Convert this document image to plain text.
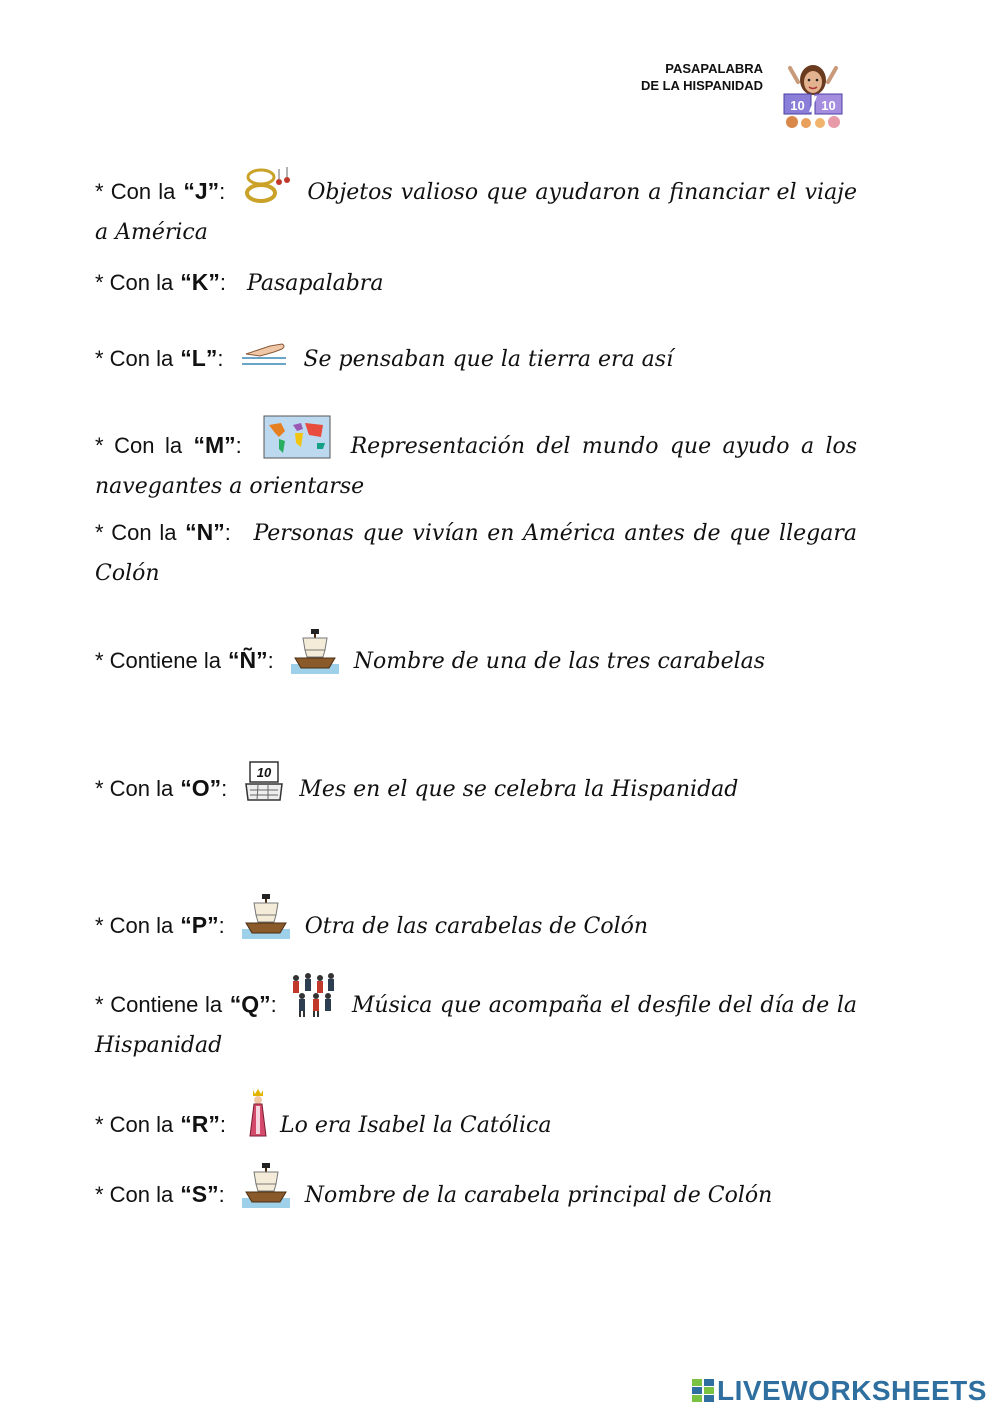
PASAPALABRA
DE LA HISPANIDAD
10 10
* Con la “J”:	Objetos valioso que ayudaron a financiar el viaje a América
* Con la “K”: Pasapalabra
* Con la “L”:	Se pensaban que la tierra era así
* Con la “M”:	Representación del mundo que ayudo a los navegantes a orientarse
* Con la “N”: Personas que vivían en América antes de que llegara Colón
* Contiene la “Ñ”:	Nombre de una de las tres carabelas
* Con la “O”:
10
Mes en el que se celebra la Hispanidad
* Con la “P”:	Otra de las carabelas de Colón
* Contiene la “Q”:	Música que acompaña el desfile del día de la Hispanidad
* Con la “R”: Lo era Isabel la Católica
* Con la “S”:	Nombre de la carabela principal de Colón
LIVEWORKSHEETS
